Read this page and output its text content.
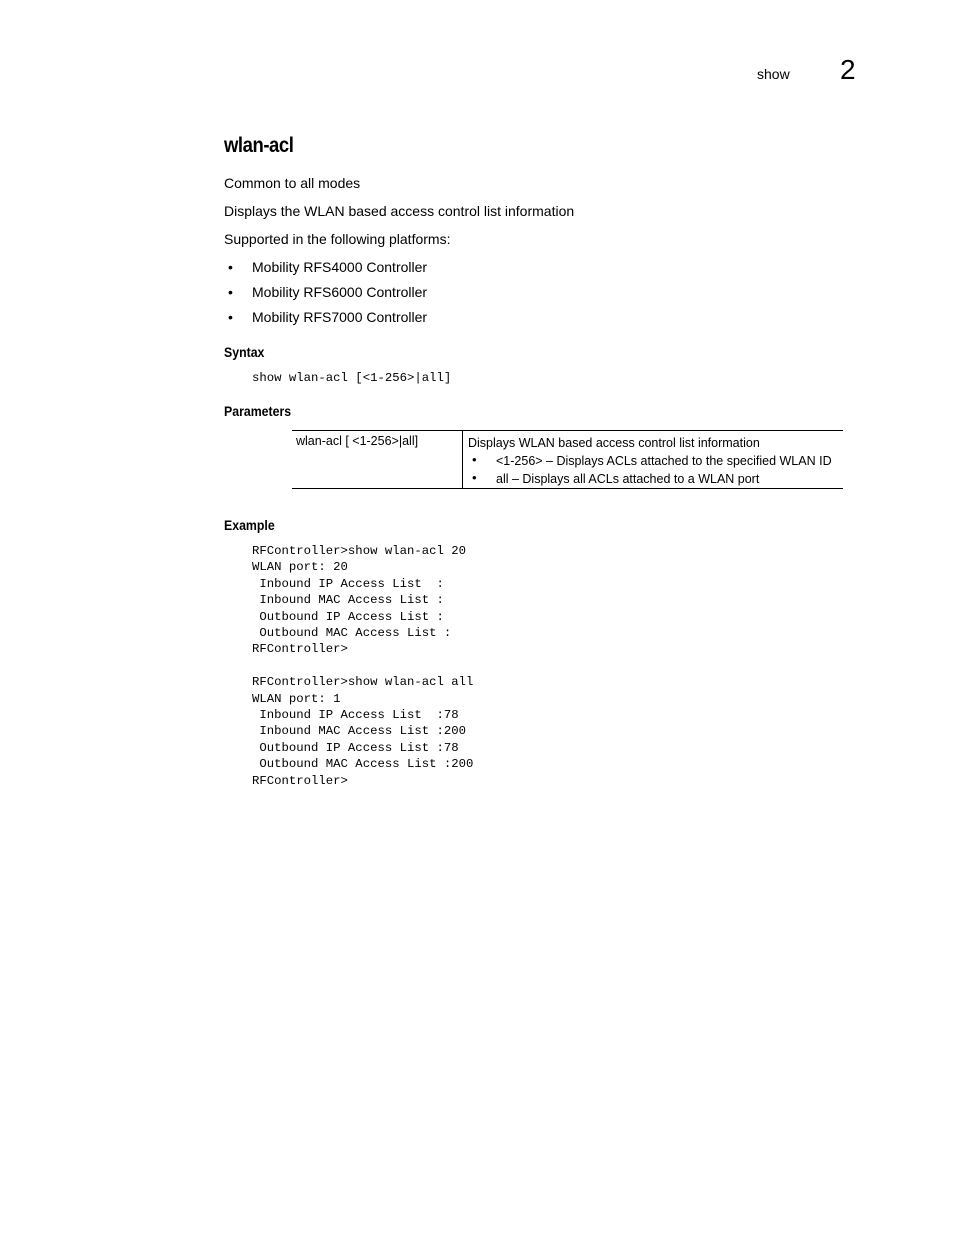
show 2
wlan-acl
Common to all modes
Displays the WLAN based access control list information
Supported in the following platforms:
• Mobility RFS4000 Controller
• Mobility RFS6000 Controller
• Mobility RFS7000 Controller
Syntax
show wlan-acl [<1-256>|all]
Parameters
wlan-acl [ <1-256>|all]	Displays WLAN based access control list information
• <1-256> – Displays ACLs attached to the specified WLAN ID
• all – Displays all ACLs attached to a WLAN port
Example
RFController>show wlan-acl 20
WLAN port: 20
Inbound IP Access List  :
Inbound MAC Access List :
Outbound IP Access List :
Outbound MAC Access List :
RFController>

RFController>show wlan-acl all
WLAN port: 1
Inbound IP Access List  :78
Inbound MAC Access List :200
Outbound IP Access List :78
Outbound MAC Access List :200
RFController>
